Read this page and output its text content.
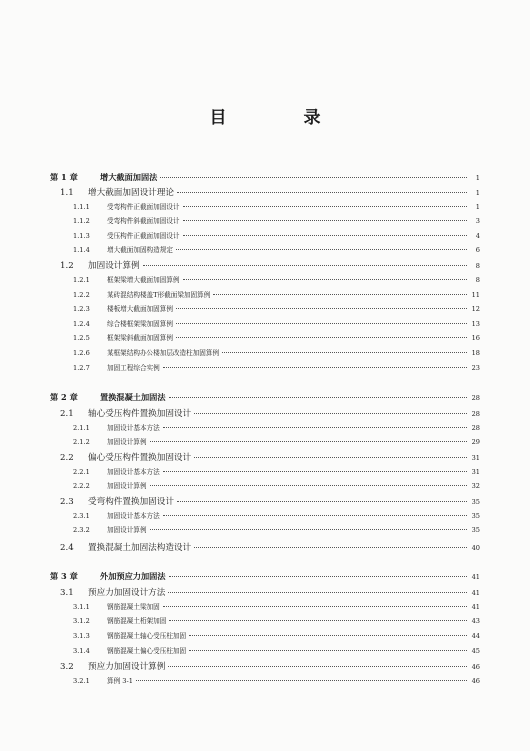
目　录
第 1 章	增大截面加固法	1
1.1	增大截面加固设计理论	1
1.1.1	受弯构件正截面加固设计	1
1.1.2	受弯构件斜截面加固设计	3
1.1.3	受压构件正截面加固设计	4
1.1.4	增大截面加固构造规定	6
1.2	加固设计算例	8
1.2.1	框架梁增大截面加固算例	8
1.2.2	某砖混结构楼盖T形截面梁加固算例	11
1.2.3	楼板增大截面加固算例	12
1.2.4	综合楼框架梁加固算例	13
1.2.5	框架梁斜截面加固算例	16
1.2.6	某框架结构办公楼加层改造柱加固算例	18
1.2.7	加固工程综合实例	23
第 2 章	置换混凝土加固法	28
2.1	轴心受压构件置换加固设计	28
2.1.1	加固设计基本方法	28
2.1.2	加固设计算例	29
2.2	偏心受压构件置换加固设计	31
2.2.1	加固设计基本方法	31
2.2.2	加固设计算例	32
2.3	受弯构件置换加固设计	35
2.3.1	加固设计基本方法	35
2.3.2	加固设计算例	35
2.4	置换混凝土加固法构造设计	40
第 3 章	外加预应力加固法	41
3.1	预应力加固设计方法	41
3.1.1	钢筋混凝土梁加固	41
3.1.2	钢筋混凝土桁架加固	43
3.1.3	钢筋混凝土轴心受压柱加固	44
3.1.4	钢筋混凝土偏心受压柱加固	45
3.2	预应力加固设计算例	46
3.2.1	算例 3-1	46
